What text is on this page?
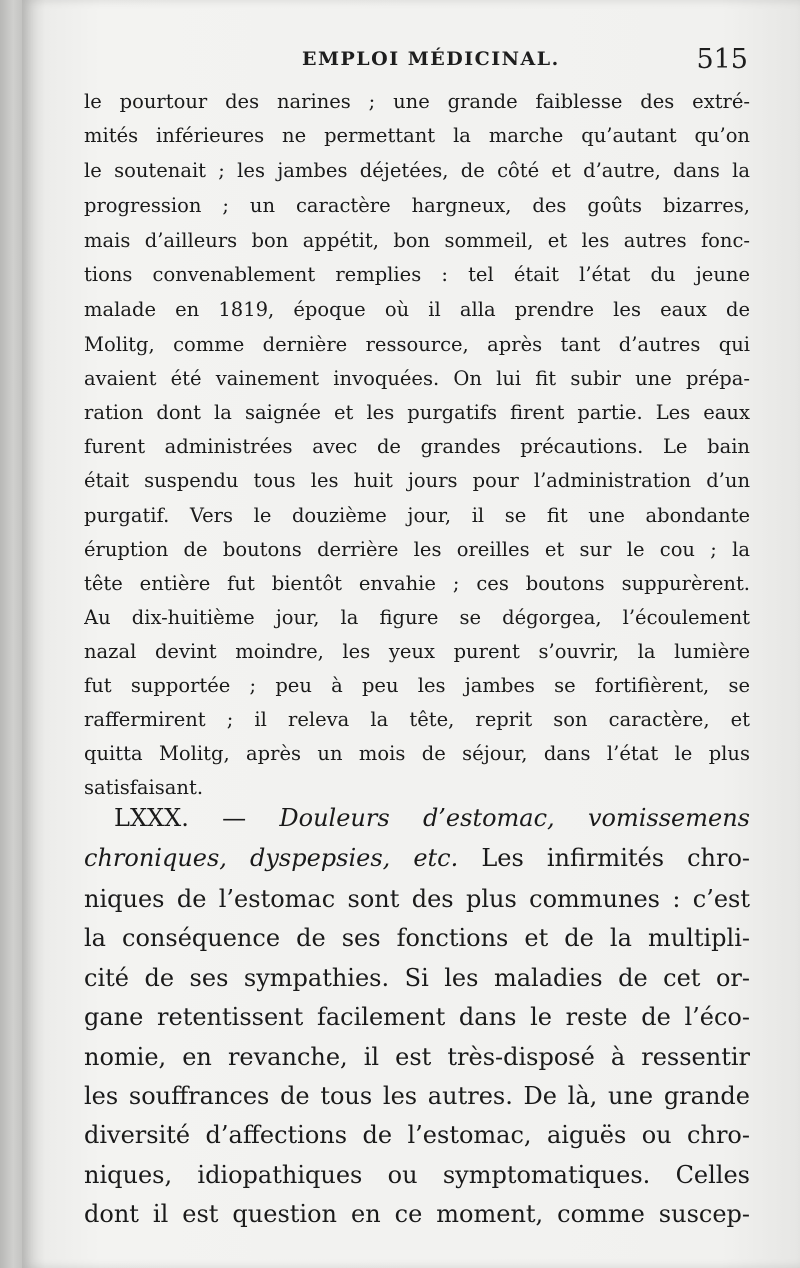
EMPLOI MÉDICINAL.	515
le pourtour des narines ; une grande faiblesse des extré-
mités inférieures ne permettant la marche qu’autant qu’on
le soutenait ; les jambes déjetées, de côté et d’autre, dans la
progression ; un caractère hargneux, des goûts bizarres,
mais d’ailleurs bon appétit, bon sommeil, et les autres fonc-
tions convenablement remplies : tel était l’état du jeune
malade en 1819, époque où il alla prendre les eaux de
Molitg, comme dernière ressource, après tant d’autres qui
avaient été vainement invoquées. On lui fit subir une prépa-
ration dont la saignée et les purgatifs firent partie. Les eaux
furent administrées avec de grandes précautions. Le bain
était suspendu tous les huit jours pour l’administration d’un
purgatif. Vers le douzième jour, il se fit une abondante
éruption de boutons derrière les oreilles et sur le cou ; la
tête entière fut bientôt envahie ; ces boutons suppurèrent.
Au dix-huitième jour, la figure se dégorgea, l’écoulement
nazal devint moindre, les yeux purent s’ouvrir, la lumière
fut supportée ; peu à peu les jambes se fortifièrent, se
raffermirent ; il releva la tête, reprit son caractère, et
quitta Molitg, après un mois de séjour, dans l’état le plus
satisfaisant.
LXXX. — Douleurs d’estomac, vomissemens
chroniques, dyspepsies, etc. Les infirmités chro-
niques de l’estomac sont des plus communes : c’est
la conséquence de ses fonctions et de la multipli-
cité de ses sympathies. Si les maladies de cet or-
gane retentissent facilement dans le reste de l’éco-
nomie, en revanche, il est très-disposé à ressentir
les souffrances de tous les autres. De là, une grande
diversité d’affections de l’estomac, aiguës ou chro-
niques, idiopathiques ou symptomatiques. Celles
dont il est question en ce moment, comme suscep-
